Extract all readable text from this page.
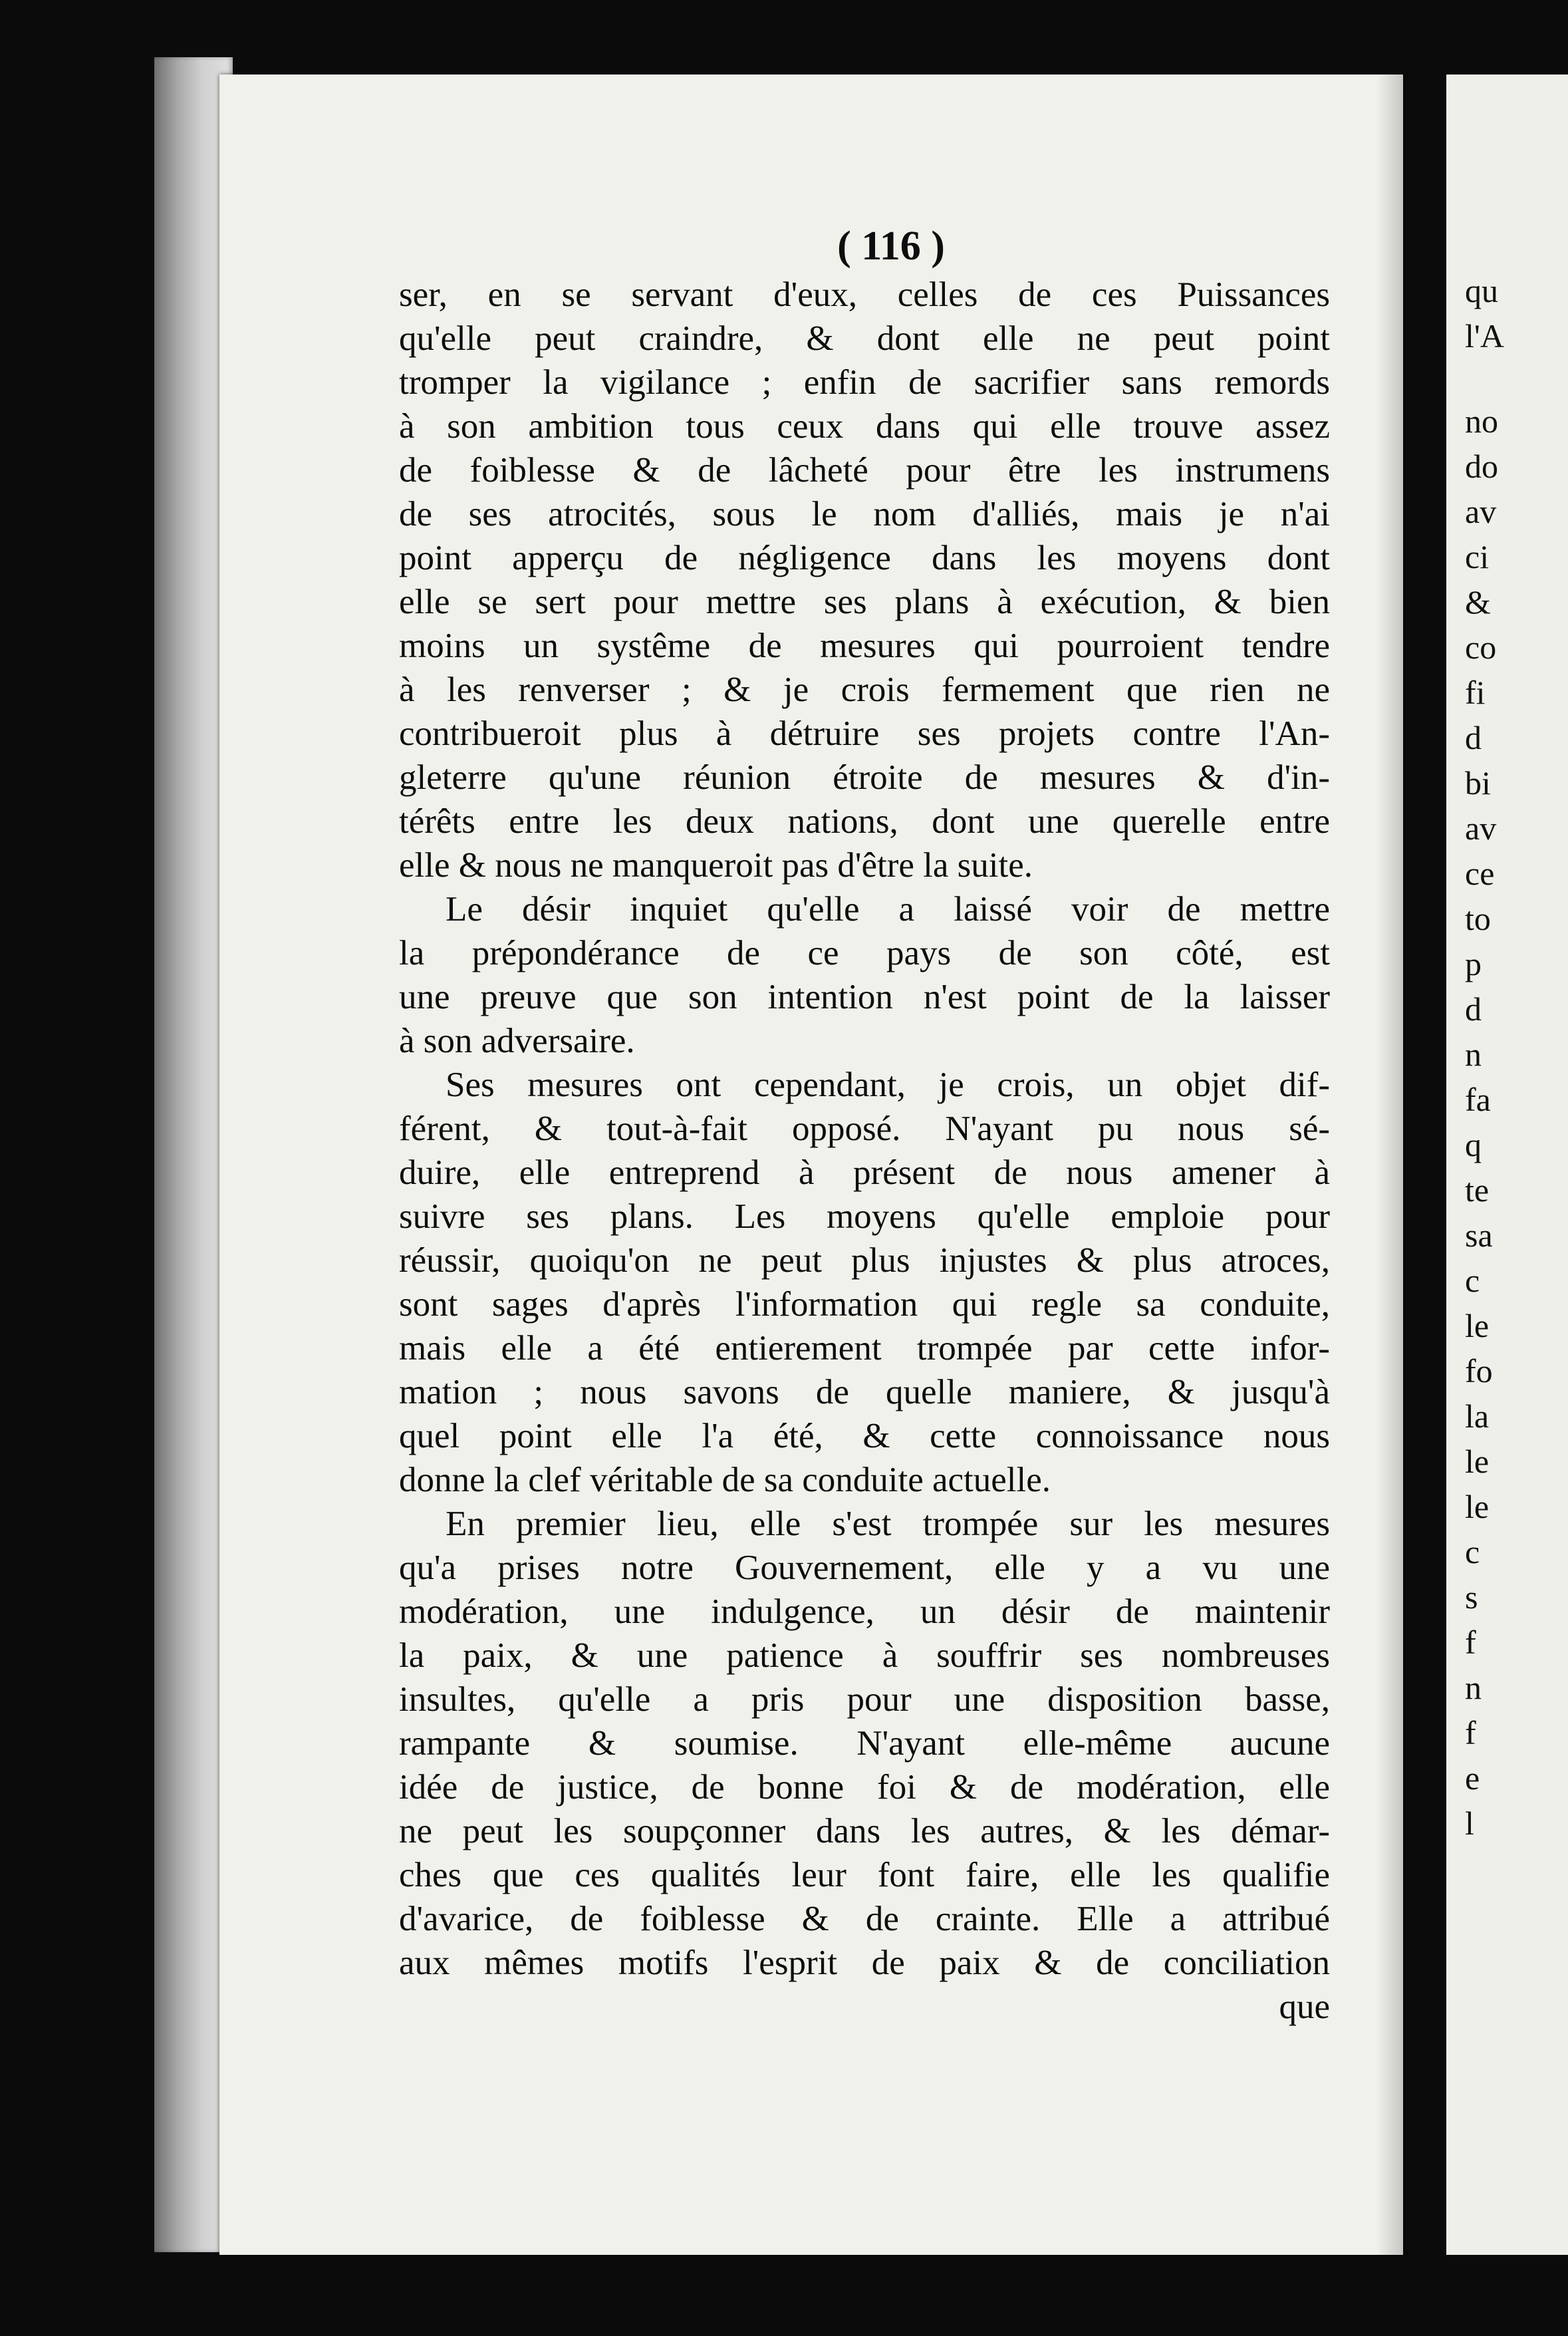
qu
l'A
no
do
av
ci
&
co
fi
d
bi
av
ce
to
p
d
n
fa
q
te
sa
c
le
fo
la
le
le
c
s
f
n
f
e
l
( 116 )
ser, en se servant d'eux, celles de ces Puissances
qu'elle peut craindre, & dont elle ne peut point
tromper la vigilance ; enfin de sacrifier sans remords
à son ambition tous ceux dans qui elle trouve assez
de foiblesse & de lâcheté pour être les instrumens
de ses atrocités, sous le nom d'alliés, mais je n'ai
point apperçu de négligence dans les moyens dont
elle se sert pour mettre ses plans à exécution, & bien
moins un systême de mesures qui pourroient tendre
à les renverser ; & je crois fermement que rien ne
contribueroit plus à détruire ses projets contre l'An-
gleterre qu'une réunion étroite de mesures & d'in-
térêts entre les deux nations, dont une querelle entre
elle & nous ne manqueroit pas d'être la suite.
Le désir inquiet qu'elle a laissé voir de mettre
la prépondérance de ce pays de son côté, est
une preuve que son intention n'est point de la laisser
à son adversaire.
Ses mesures ont cependant, je crois, un objet dif-
férent, & tout-à-fait opposé. N'ayant pu nous sé-
duire, elle entreprend à présent de nous amener à
suivre ses plans. Les moyens qu'elle emploie pour
réussir, quoiqu'on ne peut plus injustes & plus atroces,
sont sages d'après l'information qui regle sa conduite,
mais elle a été entierement trompée par cette infor-
mation ; nous savons de quelle maniere, & jusqu'à
quel point elle l'a été, & cette connoissance nous
donne la clef véritable de sa conduite actuelle.
En premier lieu, elle s'est trompée sur les mesures
qu'a prises notre Gouvernement, elle y a vu une
modération, une indulgence, un désir de maintenir
la paix, & une patience à souffrir ses nombreuses
insultes, qu'elle a pris pour une disposition basse,
rampante & soumise. N'ayant elle-même aucune
idée de justice, de bonne foi & de modération, elle
ne peut les soupçonner dans les autres, & les démar-
ches que ces qualités leur font faire, elle les qualifie
d'avarice, de foiblesse & de crainte. Elle a attribué
aux mêmes motifs l'esprit de paix & de conciliation
que
